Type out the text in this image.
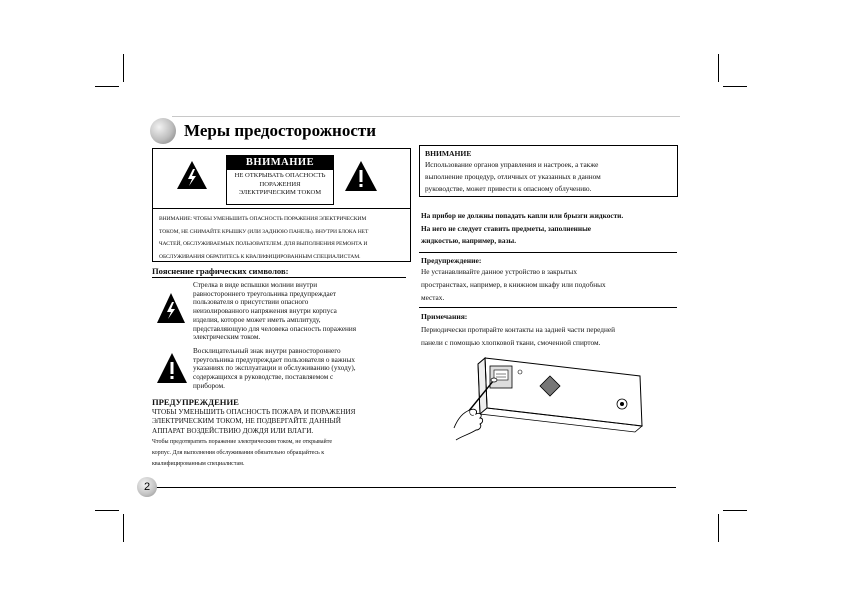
Меры предосторожности
ВНИМАНИЕ
НЕ ОТКРЫВАТЬ ОПАСНОСТЬ
ПОРАЖЕНИЯ
ЭЛЕКТРИЧЕСКИМ ТОКОМ
ВНИМАНИЕ: ЧТОБЫ УМЕНЬШИТЬ ОПАСНОСТЬ ПОРАЖЕНИЯ ЭЛЕКТРИЧЕСКИМ
ТОКОМ, НЕ СНИМАЙТЕ КРЫШКУ (ИЛИ ЗАДНЮЮ ПАНЕЛЬ). ВНУТРИ БЛОКА НЕТ
ЧАСТЕЙ, ОБСЛУЖИВАЕМЫХ ПОЛЬЗОВАТЕЛЕМ. ДЛЯ ВЫПОЛНЕНИЯ РЕМОНТА И
ОБСЛУЖИВАНИЯ ОБРАТИТЕСЬ К КВАЛИФИЦИРОВАННЫМ СПЕЦИАЛИСТАМ.
Пояснение графических символов:
Стрелка в виде вспышки молнии внутри
равностороннего треугольника предупреждает
пользователя о присутствии опасного
неизолированного напряжения внутри корпуса
изделия, которое может иметь амплитуду,
представляющую для человека опасность поражения
электрическим током.
Восклицательный знак внутри равностороннего
треугольника предупреждает пользователя о важных
указаниях по эксплуатации и обслуживанию (уходу),
содержащихся в руководстве, поставляемом с
прибором.
ПРЕДУПРЕЖДЕНИЕ
ЧТОБЫ УМЕНЬШИТЬ ОПАСНОСТЬ ПОЖАРА И ПОРАЖЕНИЯ
ЭЛЕКТРИЧЕСКИМ ТОКОМ, НЕ ПОДВЕРГАЙТЕ ДАННЫЙ
АППАРАТ ВОЗДЕЙСТВИЮ ДОЖДЯ ИЛИ ВЛАГИ.
Чтобы предотвратить поражение электрическим током, не открывайте
корпус. Для выполнения обслуживания обязательно обращайтесь к
квалифицированным специалистам.
2
ВНИМАНИЕ
Использование органов управления и настроек, а также
выполнение процедур, отличных от указанных в данном
руководстве, может привести к опасному облучению.
На прибор не должны попадать капли или брызги жидкости.
На него не следует ставить предметы, заполненные
жидкостью, например, вазы.
Предупреждение:
Не устанавливайте данное устройство в закрытых
пространствах, например, в книжном шкафу или подобных
местах.
Примечания:
Периодически протирайте контакты на задней части передней
панели с помощью хлопковой ткани, смоченной спиртом.
